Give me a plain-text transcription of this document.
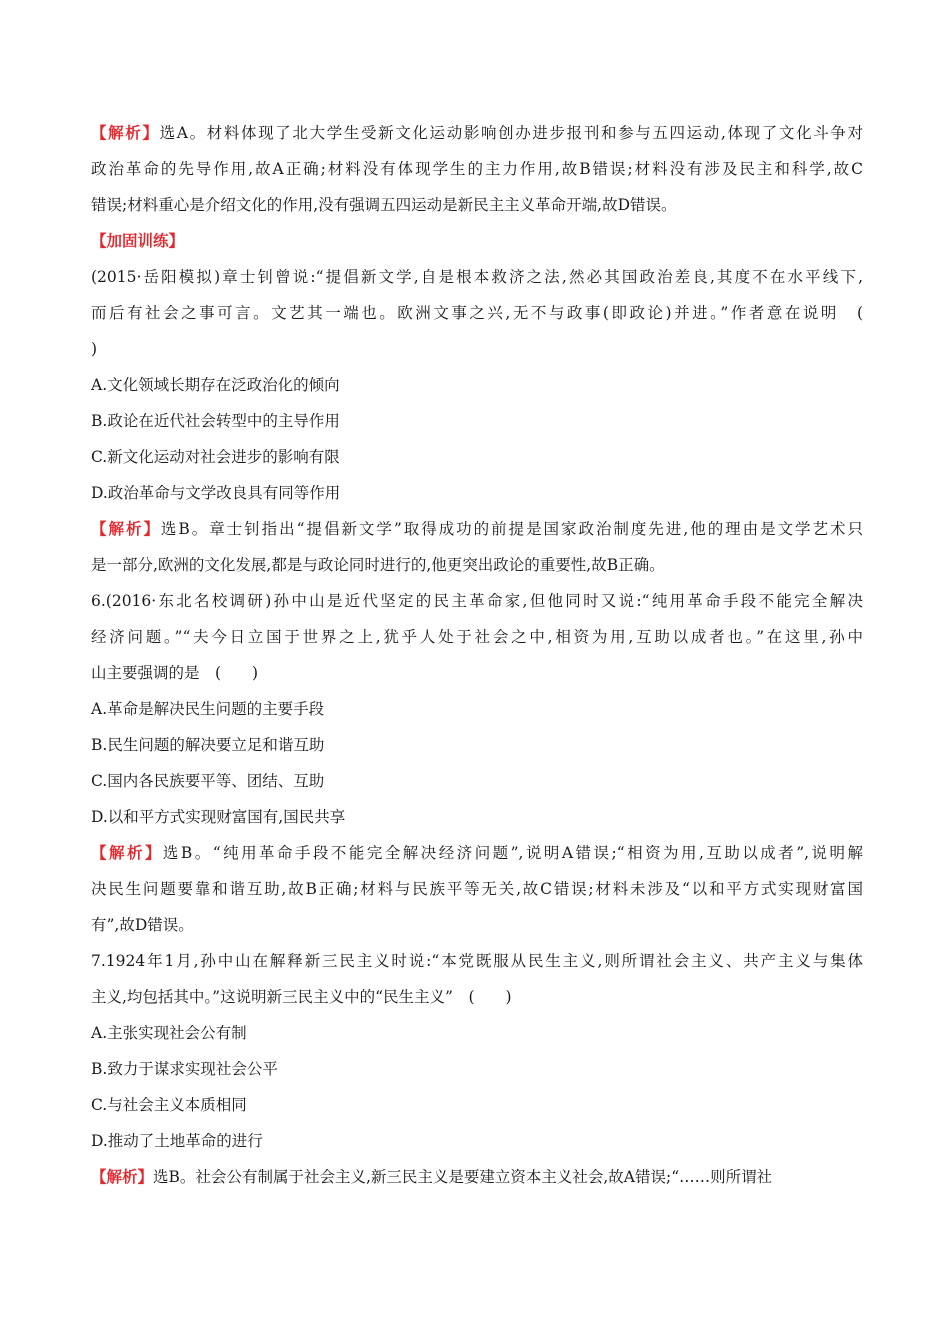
【 解析 】 选A。材料体现了北大学生受新文化运动影响创办进步报刊和参与五四运动,体现了文化斗争对
政治革命的先导作用,故A正确;材料没有体现学生的主力作用,故B错误;材料没有涉及民主和科学,故C
错误;材料重心是介绍文化的作用,没有强调五四运动是新民主主义革命开端,故D错误。
【 加固训练 】
(2015·岳阳模拟)章士钊曾说:“提倡新文学,自是根本救济之法,然必其国政治差良,其度不在水平线下,
而后有社会之事可言。文艺其一端也。欧洲文事之兴,无不与政事(即政论)并进。”作者意在说明　(
)
A.文化领域长期存在泛政治化的倾向
B.政论在近代社会转型中的主导作用
C.新文化运动对社会进步的影响有限
D.政治革命与文学改良具有同等作用
【 解析 】 选B。章士钊指出“提倡新文学”取得成功的前提是国家政治制度先进,他的理由是文学艺术只
是一部分,欧洲的文化发展,都是与政论同时进行的,他更突出政论的重要性,故B正确。
6.(2016·东北名校调研)孙中山是近代坚定的民主革命家,但他同时又说:“纯用革命手段不能完全解决
经济问题。”“夫今日立国于世界之上,犹乎人处于社会之中,相资为用,互助以成者也。”在这里,孙中
山主要强调的是　(　　)
A.革命是解决民生问题的主要手段
B.民生问题的解决要立足和谐互助
C.国内各民族要平等、团结、互助
D.以和平方式实现财富国有,国民共享
【 解析 】 选B。“纯用革命手段不能完全解决经济问题”,说明A错误;“相资为用,互助以成者”,说明解
决民生问题要靠和谐互助,故B正确;材料与民族平等无关,故C错误;材料未涉及“以和平方式实现财富国
有”,故D错误。
7.1924年1月,孙中山在解释新三民主义时说:“本党既服从民生主义,则所谓社会主义、共产主义与集体
主义,均包括其中。”这说明新三民主义中的“民生主义”　(　　)
A.主张实现社会公有制
B.致力于谋求实现社会公平
C.与社会主义本质相同
D.推动了土地革命的进行
【 解析 】 选B。社会公有制属于社会主义,新三民主义是要建立资本主义社会,故A错误;“……则所谓社
